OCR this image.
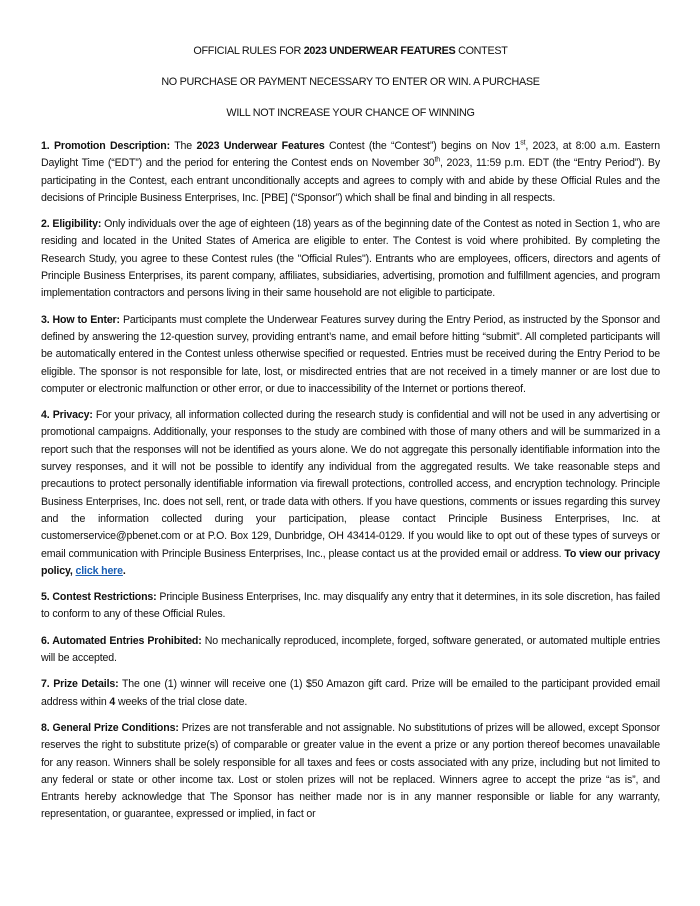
OFFICIAL RULES FOR 2023 UNDERWEAR FEATURES CONTEST

NO PURCHASE OR PAYMENT NECESSARY TO ENTER OR WIN. A PURCHASE

WILL NOT INCREASE YOUR CHANCE OF WINNING

1. Promotion Description: The 2023 Underwear Features Contest (the “Contest”) begins on Nov 1st, 2023, at 8:00 a.m. Eastern Daylight Time (“EDT”) and the period for entering the Contest ends on November 30th, 2023, 11:59 p.m. EDT (the “Entry Period”). By participating in the Contest, each entrant unconditionally accepts and agrees to comply with and abide by these Official Rules and the decisions of Principle Business Enterprises, Inc. [PBE] (“Sponsor”) which shall be final and binding in all respects.

2. Eligibility: Only individuals over the age of eighteen (18) years as of the beginning date of the Contest as noted in Section 1, who are residing and located in the United States of America are eligible to enter. The Contest is void where prohibited. By completing the Research Study, you agree to these Contest rules (the "Official Rules"). Entrants who are employees, officers, directors and agents of Principle Business Enterprises, its parent company, affiliates, subsidiaries, advertising, promotion and fulfillment agencies, and program implementation contractors and persons living in their same household are not eligible to participate.

3. How to Enter: Participants must complete the Underwear Features survey during the Entry Period, as instructed by the Sponsor and defined by answering the 12-question survey, providing entrant’s name, and email before hitting “submit”. All completed participants will be automatically entered in the Contest unless otherwise specified or requested. Entries must be received during the Entry Period to be eligible. The sponsor is not responsible for late, lost, or misdirected entries that are not received in a timely manner or are lost due to computer or electronic malfunction or other error, or due to inaccessibility of the Internet or portions thereof.

4. Privacy: For your privacy, all information collected during the research study is confidential and will not be used in any advertising or promotional campaigns. Additionally, your responses to the study are combined with those of many others and will be summarized in a report such that the responses will not be identified as yours alone. We do not aggregate this personally identifiable information into the survey responses, and it will not be possible to identify any individual from the aggregated results. We take reasonable steps and precautions to protect personally identifiable information via firewall protections, controlled access, and encryption technology. Principle Business Enterprises, Inc. does not sell, rent, or trade data with others. If you have questions, comments or issues regarding this survey and the information collected during your participation, please contact Principle Business Enterprises, Inc. at customerservice@pbenet.com or at P.O. Box 129, Dunbridge, OH 43414-0129. If you would like to opt out of these types of surveys or email communication with Principle Business Enterprises, Inc., please contact us at the provided email or address. To view our privacy policy, click here.

5. Contest Restrictions: Principle Business Enterprises, Inc. may disqualify any entry that it determines, in its sole discretion, has failed to conform to any of these Official Rules.

6. Automated Entries Prohibited: No mechanically reproduced, incomplete, forged, software generated, or automated multiple entries will be accepted.

7. Prize Details: The one (1) winner will receive one (1) $50 Amazon gift card. Prize will be emailed to the participant provided email address within 4 weeks of the trial close date.

8. General Prize Conditions: Prizes are not transferable and not assignable. No substitutions of prizes will be allowed, except Sponsor reserves the right to substitute prize(s) of comparable or greater value in the event a prize or any portion thereof becomes unavailable for any reason. Winners shall be solely responsible for all taxes and fees or costs associated with any prize, including but not limited to any federal or state or other income tax. Lost or stolen prizes will not be replaced. Winners agree to accept the prize “as is”, and Entrants hereby acknowledge that The Sponsor has neither made nor is in any manner responsible or liable for any warranty, representation, or guarantee, expressed or implied, in fact or
